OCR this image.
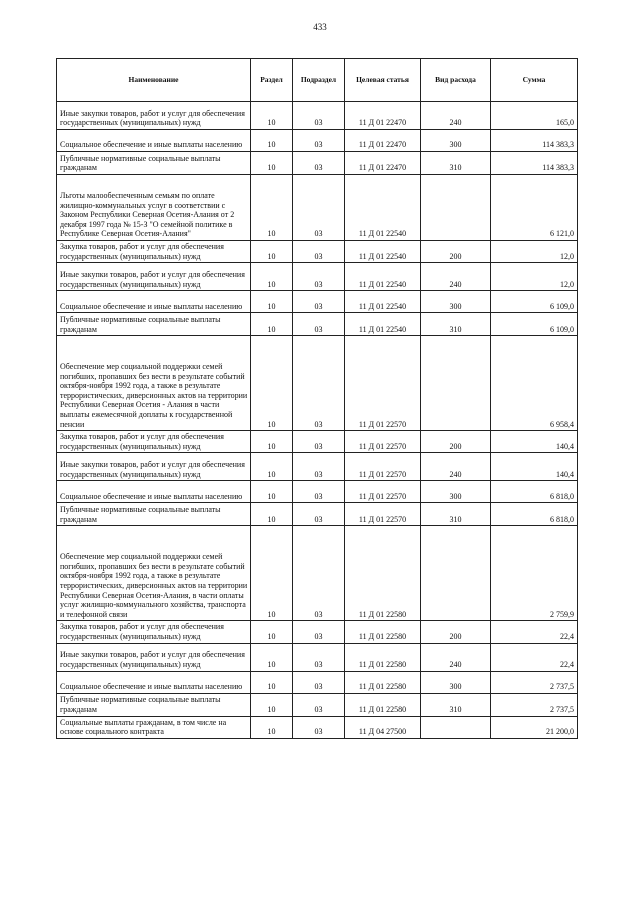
433
Наименование	Раздел	Подраздел	Целевая статья	Вид расхода	Сумма
Иные закупки товаров, работ и услуг для обеспечения государственных (муниципальных) нужд	10	03	11 Д 01 22470	240	165,0
Социальное обеспечение и иные выплаты населению	10	03	11 Д 01 22470	300	114 383,3
Публичные нормативные социальные выплаты гражданам	10	03	11 Д 01 22470	310	114 383,3
Льготы малообеспеченным семьям по оплате жилищно-коммунальных услуг в соответствии с Законом Республики Северная Осетия-Алания от 2 декабря 1997 года № 15-З "О семейной политике в Республике Северная Осетия-Алания"	10	03	11 Д 01 22540		6 121,0
Закупка товаров, работ и услуг для обеспечения государственных (муниципальных) нужд	10	03	11 Д 01 22540	200	12,0
Иные закупки товаров, работ и услуг для обеспечения государственных (муниципальных) нужд	10	03	11 Д 01 22540	240	12,0
Социальное обеспечение и иные выплаты населению	10	03	11 Д 01 22540	300	6 109,0
Публичные нормативные социальные выплаты гражданам	10	03	11 Д 01 22540	310	6 109,0
Обеспечение мер социальной поддержки семей погибших, пропавших без вести в результате событий октября-ноября 1992 года, а также в результате террористических, диверсионных актов на территории Республики Северная Осетия - Алания в части выплаты ежемесячной доплаты к государственной пенсии	10	03	11 Д 01 22570		6 958,4
Закупка товаров, работ и услуг для обеспечения государственных (муниципальных) нужд	10	03	11 Д 01 22570	200	140,4
Иные закупки товаров, работ и услуг для обеспечения государственных (муниципальных) нужд	10	03	11 Д 01 22570	240	140,4
Социальное обеспечение и иные выплаты населению	10	03	11 Д 01 22570	300	6 818,0
Публичные нормативные социальные выплаты гражданам	10	03	11 Д 01 22570	310	6 818,0
Обеспечение мер социальной поддержки семей погибших, пропавших без вести в результате событий октября-ноября 1992 года, а также в результате террористических, диверсионных актов на территории Республики Северная Осетия-Алания, в части оплаты услуг жилищно-коммунального хозяйства, транспорта и телефонной связи	10	03	11 Д 01 22580		2 759,9
Закупка товаров, работ и услуг для обеспечения государственных (муниципальных) нужд	10	03	11 Д 01 22580	200	22,4
Иные закупки товаров, работ и услуг для обеспечения государственных (муниципальных) нужд	10	03	11 Д 01 22580	240	22,4
Социальное обеспечение и иные выплаты населению	10	03	11 Д 01 22580	300	2 737,5
Публичные нормативные социальные выплаты гражданам	10	03	11 Д 01 22580	310	2 737,5
Социальные выплаты гражданам, в том числе на основе социального контракта	10	03	11 Д 04 27500		21 200,0
